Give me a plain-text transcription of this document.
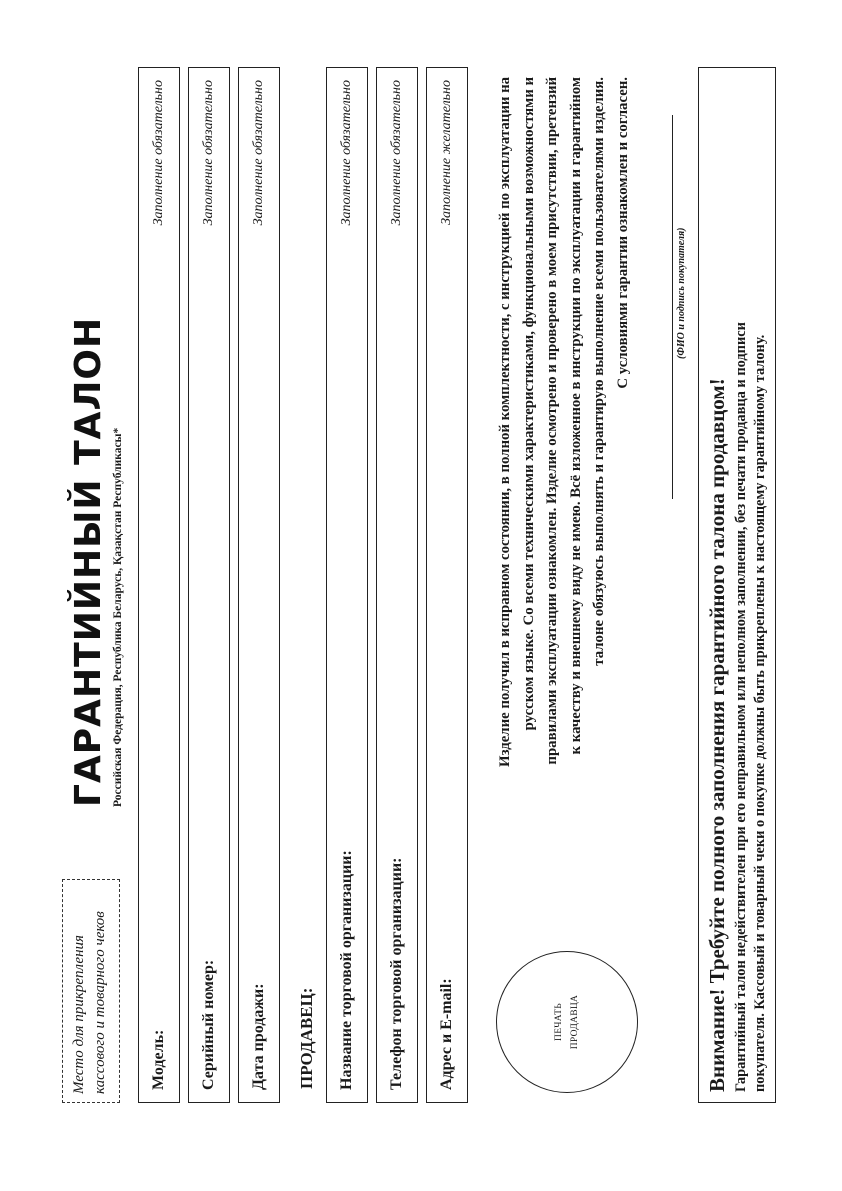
Место для прикрепления кассового и товарного чеков
ГАРАНТИЙНЫЙ ТАЛОН Российская Федерация, Республика Беларусь, Қазақстан Республикасы*
Модель:
Заполнение обязательно
Серийный номер:
Заполнение обязательно
Дата продажи:
Заполнение обязательно
ПРОДАВЕЦ: Название торговой организации:
Заполнение обязательно
Телефон торговой организации:
Заполнение обязательно
Адрес и E-mail:
Заполнение желательно
ПЕЧАТЬ ПРОДАВЦА
Изделие получил в исправном состоянии, в полной комплектности, с инструкцией по эксплуатации на русском языке. Со всеми техническими характеристиками, функциональными возможностями и правилами эксплуатации ознакомлен. Изделие осмотрено и проверено в моем присутствии, претензий к качеству и внешнему виду не имею. Всё изложенное в инструкции по эксплуатации и гарантийном талоне обязуюсь выполнять и гарантирую выполнение всеми пользователями изделия. С условиями гарантии ознакомлен и согласен.	(ФИО и подпись покупателя)
Внимание! Требуйте полного заполнения гарантийного талона продавцом! Гарантийный талон недействителен при его неправильном или неполном заполнении, без печати продавца и подписи покупателя. Кассовый и товарный чеки о покупке должны быть прикреплены к настоящему гарантийному талону.
